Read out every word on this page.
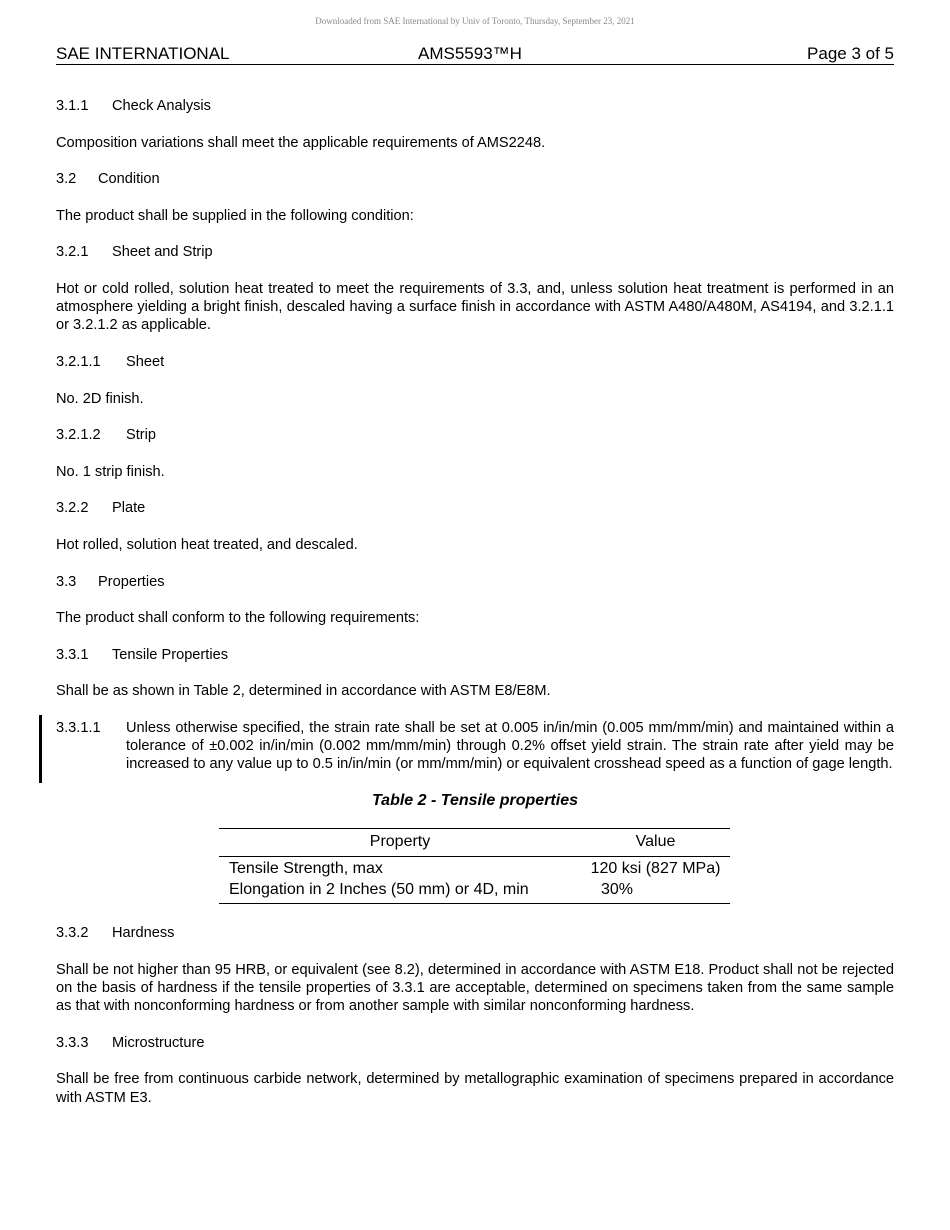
Downloaded from SAE International by Univ of Toronto, Thursday, September 23, 2021
SAE INTERNATIONAL	AMS5593™H	Page 3 of 5
3.1.1 Check Analysis

Composition variations shall meet the applicable requirements of AMS2248.

3.2 Condition

The product shall be supplied in the following condition:

3.2.1 Sheet and Strip

Hot or cold rolled, solution heat treated to meet the requirements of 3.3, and, unless solution heat treatment is performed in an atmosphere yielding a bright finish, descaled having a surface finish in accordance with ASTM A480/A480M, AS4194, and 3.2.1.1 or 3.2.1.2 as applicable.

3.2.1.1 Sheet

No. 2D finish.

3.2.1.2 Strip

No. 1 strip finish.

3.2.2 Plate

Hot rolled, solution heat treated, and descaled.

3.3 Properties

The product shall conform to the following requirements:

3.3.1 Tensile Properties

Shall be as shown in Table 2, determined in accordance with ASTM E8/E8M.

3.3.1.1 Unless otherwise specified, the strain rate shall be set at 0.005 in/in/min (0.005 mm/mm/min) and maintained within a tolerance of ±0.002 in/in/min (0.002 mm/mm/min) through 0.2% offset yield strain. The strain rate after yield may be increased to any value up to 0.5 in/in/min (or mm/mm/min) or equivalent crosshead speed as a function of gage length.
Table 2 - Tensile properties
Property	Value
Tensile Strength, max	120 ksi (827 MPa)
Elongation in 2 Inches (50 mm) or 4D, min	30%
3.3.2 Hardness

Shall be not higher than 95 HRB, or equivalent (see 8.2), determined in accordance with ASTM E18. Product shall not be rejected on the basis of hardness if the tensile properties of 3.3.1 are acceptable, determined on specimens taken from the same sample as that with nonconforming hardness or from another sample with similar nonconforming hardness.

3.3.3 Microstructure

Shall be free from continuous carbide network, determined by metallographic examination of specimens prepared in accordance with ASTM E3.
